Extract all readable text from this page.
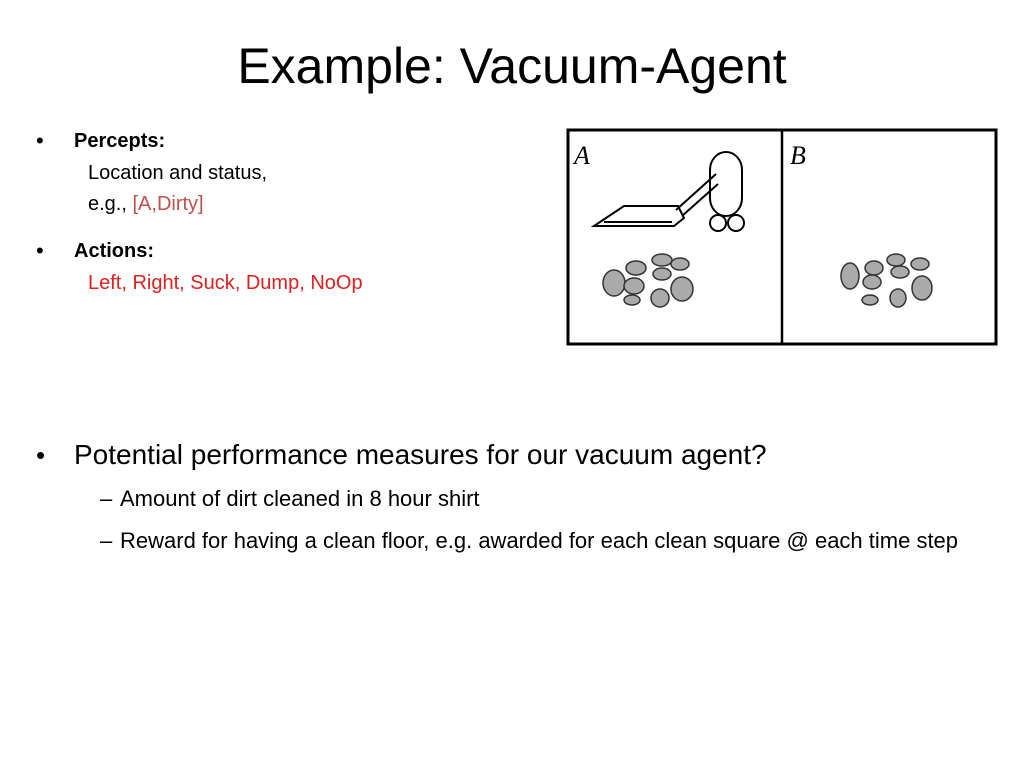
Example: Vacuum-Agent
•	Percepts:
Location and status,
e.g., [A,Dirty]
•	Actions:
Left, Right, Suck, Dump, NoOp
A	B
•	Potential performance measures for our vacuum agent?
– Amount of dirt cleaned in 8 hour shirt
– Reward for having a clean floor, e.g. awarded for each clean square @ each time step
